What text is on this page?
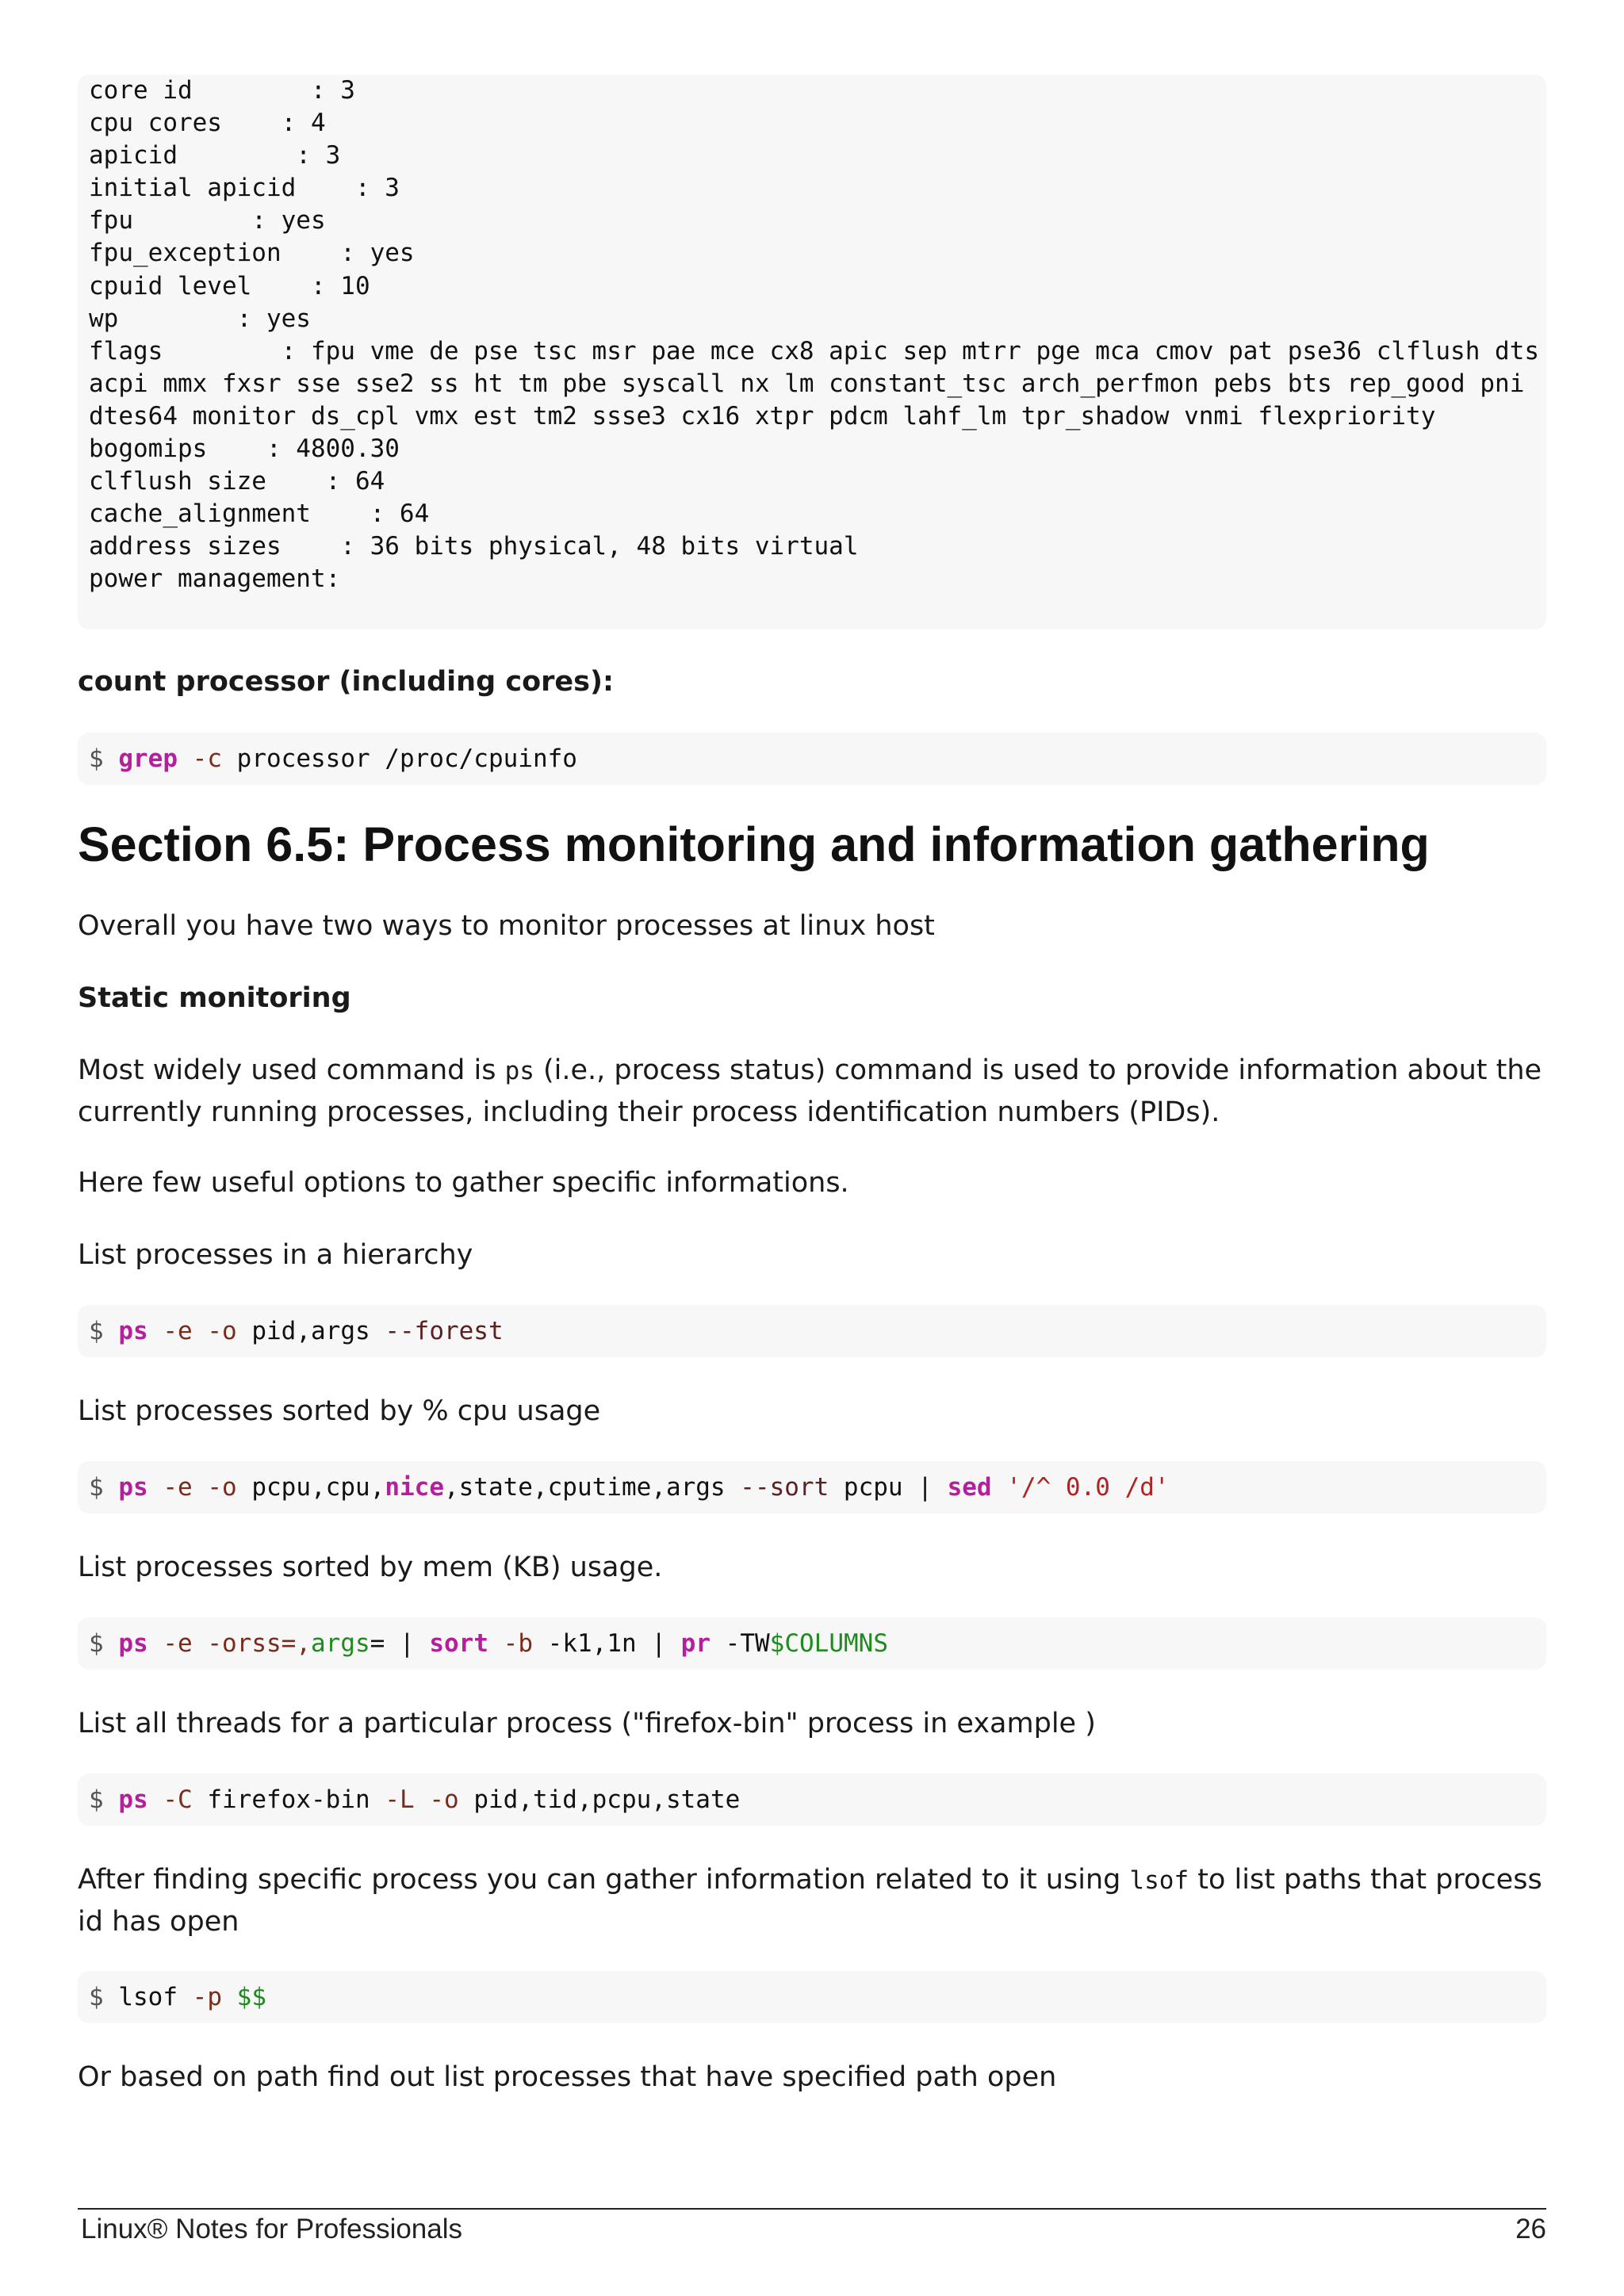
core id        : 3
cpu cores    : 4
apicid        : 3
initial apicid    : 3
fpu        : yes
fpu_exception    : yes
cpuid level    : 10
wp        : yes
flags        : fpu vme de pse tsc msr pae mce cx8 apic sep mtrr pge mca cmov pat pse36 clflush dts
acpi mmx fxsr sse sse2 ss ht tm pbe syscall nx lm constant_tsc arch_perfmon pebs bts rep_good pni
dtes64 monitor ds_cpl vmx est tm2 ssse3 cx16 xtpr pdcm lahf_lm tpr_shadow vnmi flexpriority
bogomips    : 4800.30
clflush size    : 64
cache_alignment    : 64
address sizes    : 36 bits physical, 48 bits virtual
power management:

count processor (including cores):
$ grep -c processor /proc/cpuinfo
Section 6.5: Process monitoring and information gathering
Overall you have two ways to monitor processes at linux host
Static monitoring
Most widely used command is ps (i.e., process status) command is used to provide information about the currently running processes, including their process identification numbers (PIDs).
Here few useful options to gather specific informations.
List processes in a hierarchy
$ ps -e -o pid,args --forest
List processes sorted by % cpu usage
$ ps -e -o pcpu,cpu,nice,state,cputime,args --sort pcpu | sed '/^ 0.0 /d'
List processes sorted by mem (KB) usage.
$ ps -e -orss=,args= | sort -b -k1,1n | pr -TW$COLUMNS
List all threads for a particular process ("firefox-bin" process in example )
$ ps -C firefox-bin -L -o pid,tid,pcpu,state
After finding specific process you can gather information related to it using lsof to list paths that process id has open
$ lsof -p $$
Or based on path find out list processes that have specified path open
Linux® Notes for Professionals	26
